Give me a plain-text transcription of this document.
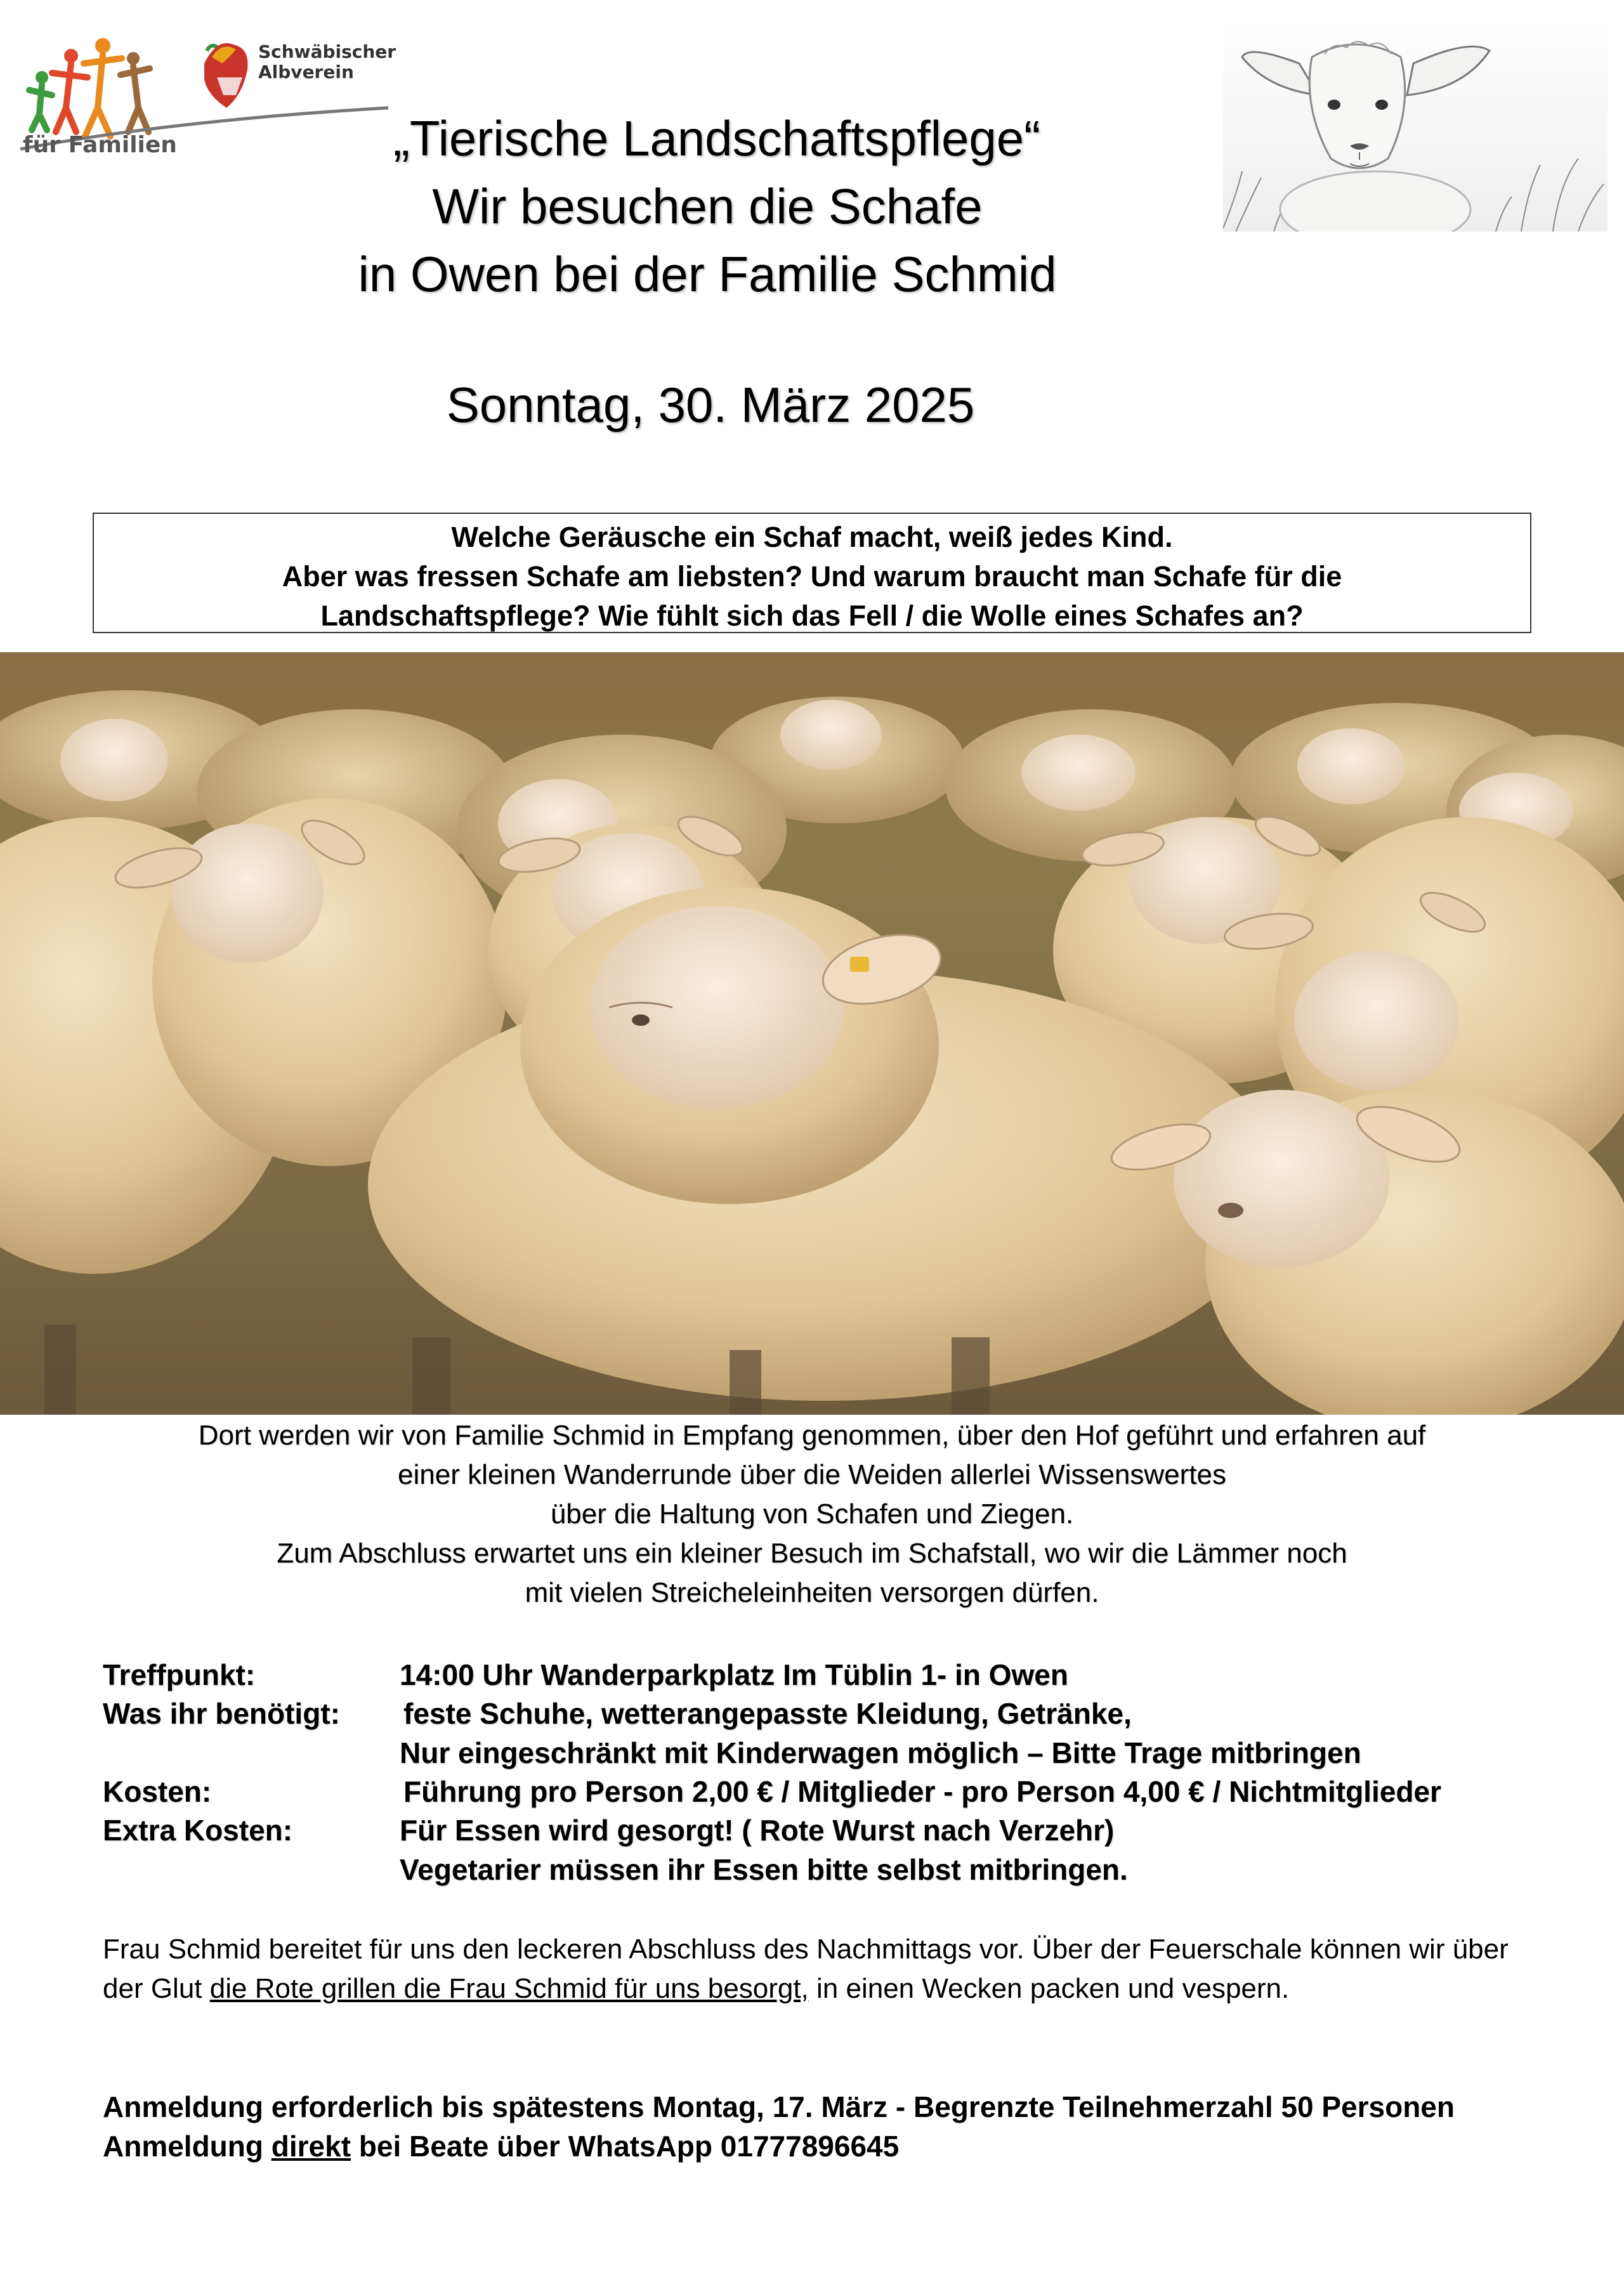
für Familien
Schwäbischer
Albverein
„Tierische Landschaftspflege“
Wir besuchen die Schafe
in Owen bei der Familie Schmid
Sonntag, 30. März 2025
Welche Geräusche ein Schaf macht, weiß jedes Kind.
Aber was fressen Schafe am liebsten? Und warum braucht man Schafe für die
Landschaftspflege? Wie fühlt sich das Fell / die Wolle eines Schafes an?
Dort werden wir von Familie Schmid in Empfang genommen, über den Hof geführt und erfahren auf
einer kleinen Wanderrunde über die Weiden allerlei Wissenswertes
über die Haltung von Schafen und Ziegen.
Zum Abschluss erwartet uns ein kleiner Besuch im Schafstall, wo wir die Lämmer noch
mit vielen Streicheleinheiten versorgen dürfen.
Treffpunkt:	14:00 Uhr Wanderparkplatz Im Tüblin 1- in Owen
Was ihr benötigt: feste Schuhe, wetterangepasste Kleidung, Getränke,
Nur eingeschränkt mit Kinderwagen möglich – Bitte Trage mitbringen
Kosten:	Führung pro Person 2,00 € / Mitglieder - pro Person 4,00 € / Nichtmitglieder
Extra Kosten:	Für Essen wird gesorgt! ( Rote Wurst nach Verzehr)
Vegetarier müssen ihr Essen bitte selbst mitbringen.
Frau Schmid bereitet für uns den leckeren Abschluss des Nachmittags vor. Über der Feuerschale können wir über der Glut die Rote grillen die Frau Schmid für uns besorgt, in einen Wecken packen und vespern.
Anmeldung erforderlich bis spätestens Montag, 17. März - Begrenzte Teilnehmerzahl 50 Personen
Anmeldung direkt bei Beate über WhatsApp 01777896645
